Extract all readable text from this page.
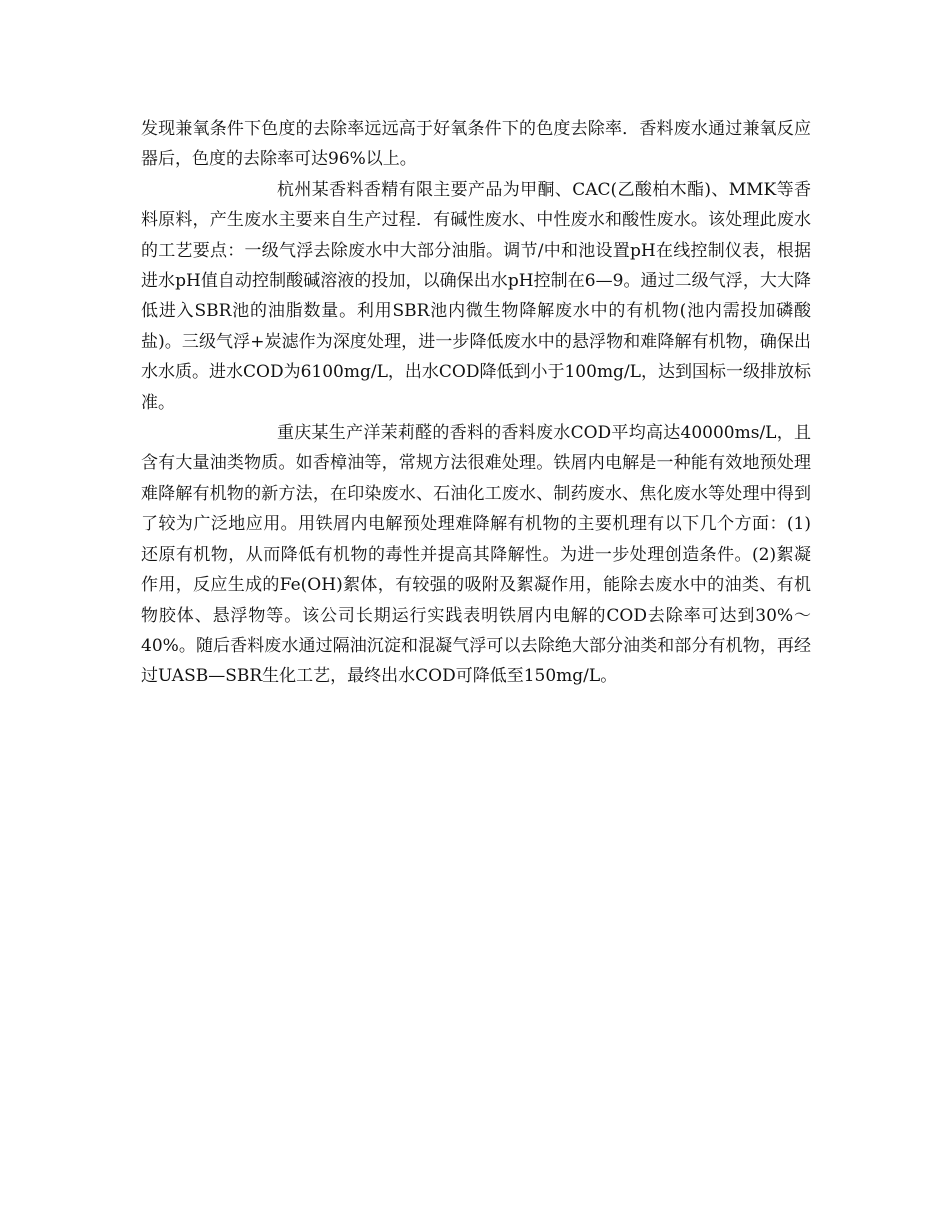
发现兼氧条件下色度的去除率远远高于好氧条件下的色度去除率．香料废水通过兼氧反应器后，色度的去除率可达96%以上。

杭州某香料香精有限主要产品为甲酮、CAC(乙酸柏木酯)、MMK等香料原料，产生废水主要来自生产过程．有碱性废水、中性废水和酸性废水。该处理此废水的工艺要点：一级气浮去除废水中大部分油脂。调节/中和池设置pH在线控制仪表，根据进水pH值自动控制酸碱溶液的投加，以确保出水pH控制在6—9。通过二级气浮，大大降低进入SBR池的油脂数量。利用SBR池内微生物降解废水中的有机物(池内需投加磷酸盐)。三级气浮+炭滤作为深度处理，进一步降低废水中的悬浮物和难降解有机物，确保出水水质。进水COD为6100mg/L，出水COD降低到小于100mg/L，达到国标一级排放标准。

重庆某生产洋茉莉醛的香料的香料废水COD平均高达40000ms/L，且含有大量油类物质。如香樟油等，常规方法很难处理。铁屑内电解是一种能有效地预处理难降解有机物的新方法，在印染废水、石油化工废水、制药废水、焦化废水等处理中得到了较为广泛地应用。用铁屑内电解预处理难降解有机物的主要机理有以下几个方面：(1)还原有机物，从而降低有机物的毒性并提高其降解性。为进一步处理创造条件。(2)絮凝作用，反应生成的Fe(OH)絮体，有较强的吸附及絮凝作用，能除去废水中的油类、有机物胶体、悬浮物等。该公司长期运行实践表明铁屑内电解的COD去除率可达到30%～40%。随后香料废水通过隔油沉淀和混凝气浮可以去除绝大部分油类和部分有机物，再经过UASB—SBR生化工艺，最终出水COD可降低至150mg/L。
